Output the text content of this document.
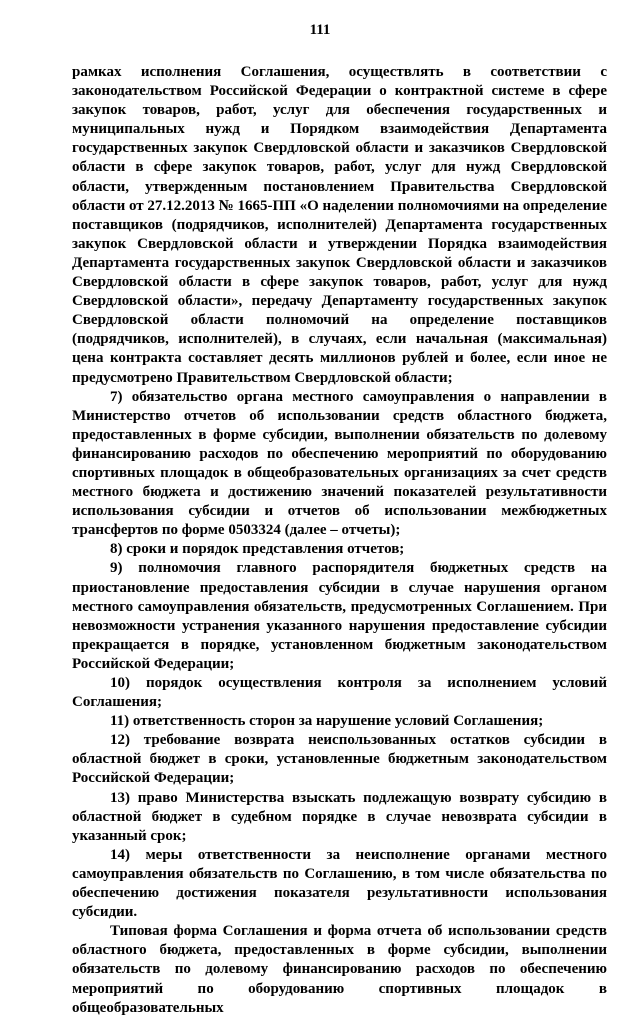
111

рамках исполнения Соглашения, осуществлять в соответствии с законодательством Российской Федерации о контрактной системе в сфере закупок товаров, работ, услуг для обеспечения государственных и муниципальных нужд и Порядком взаимодействия Департамента государственных закупок Свердловской области и заказчиков Свердловской области в сфере закупок товаров, работ, услуг для нужд Свердловской области, утвержденным постановлением Правительства Свердловской области от 27.12.2013 № 1665-ПП «О наделении полномочиями на определение поставщиков (подрядчиков, исполнителей) Департамента государственных закупок Свердловской области и утверждении Порядка взаимодействия Департамента государственных закупок Свердловской области и заказчиков Свердловской области в сфере закупок товаров, работ, услуг для нужд Свердловской области», передачу Департаменту государственных закупок Свердловской области полномочий на определение поставщиков (подрядчиков, исполнителей), в случаях, если начальная (максимальная) цена контракта составляет десять миллионов рублей и более, если иное не предусмотрено Правительством Свердловской области;

7) обязательство органа местного самоуправления о направлении в Министерство отчетов об использовании средств областного бюджета, предоставленных в форме субсидии, выполнении обязательств по долевому финансированию расходов по обеспечению мероприятий по оборудованию спортивных площадок в общеобразовательных организациях за счет средств местного бюджета и достижению значений показателей результативности использования субсидии и отчетов об использовании межбюджетных трансфертов по форме 0503324 (далее – отчеты);

8) сроки и порядок представления отчетов;

9) полномочия главного распорядителя бюджетных средств на приостановление предоставления субсидии в случае нарушения органом местного самоуправления обязательств, предусмотренных Соглашением. При невозможности устранения указанного нарушения предоставление субсидии прекращается в порядке, установленном бюджетным законодательством Российской Федерации;

10) порядок осуществления контроля за исполнением условий Соглашения;

11) ответственность сторон за нарушение условий Соглашения;

12) требование возврата неиспользованных остатков субсидии в областной бюджет в сроки, установленные бюджетным законодательством Российской Федерации;

13) право Министерства взыскать подлежащую возврату субсидию в областной бюджет в судебном порядке в случае невозврата субсидии в указанный срок;

14) меры ответственности за неисполнение органами местного самоуправления обязательств по Соглашению, в том числе обязательства по обеспечению достижения показателя результативности использования субсидии.

Типовая форма Соглашения и форма отчета об использовании средств областного бюджета, предоставленных в форме субсидии, выполнении обязательств по долевому финансированию расходов по обеспечению мероприятий по оборудованию спортивных площадок в общеобразовательных
